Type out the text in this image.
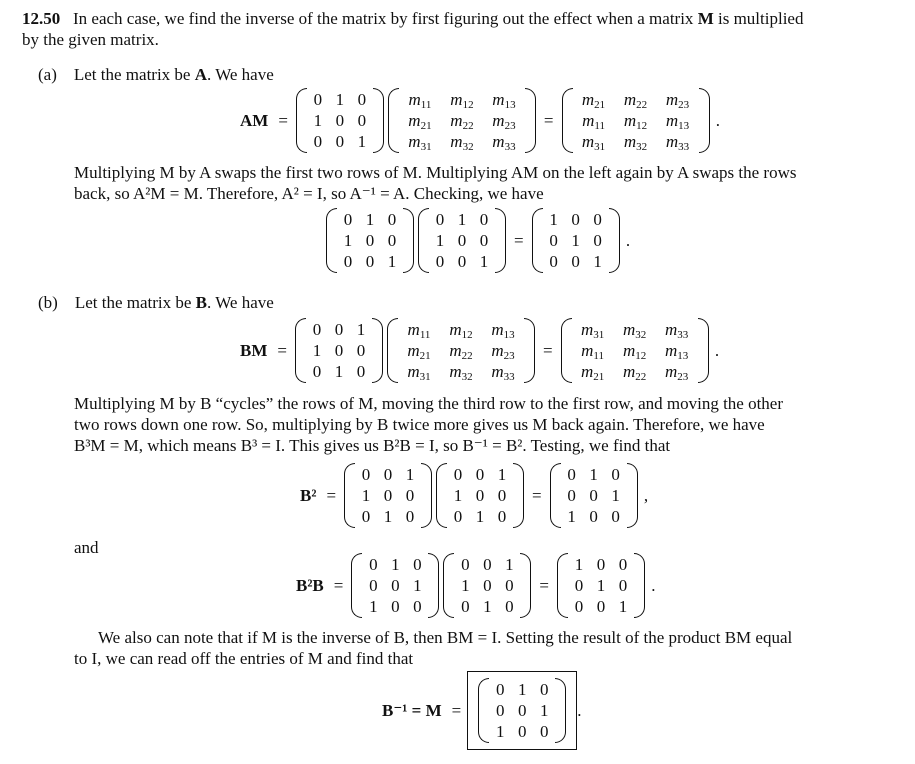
12.50 In each case, we find the inverse of the matrix by first figuring out the effect when a matrix M is multiplied
by the given matrix.
(a) Let the matrix be A. We have
AM =
0 1 0
1 0 0
0 0 1
$m_{11}$	$m_{12}$	$m_{13}$
$m_{21}$	$m_{22}$	$m_{23}$
$m_{31}$	$m_{32}$	$m_{33}$
=
$m_{21}$	$m_{22}$	$m_{23}$
$m_{11}$	$m_{12}$	$m_{13}$
$m_{31}$	$m_{32}$	$m_{33}$
.
Multiplying M by A swaps the first two rows of M. Multiplying AM on the left again by A swaps the rows
back, so A²M = M. Therefore, A² = I, so A⁻¹ = A. Checking, we have
0 1 0
1 0 0
0 0 1
0 1 0
1 0 0
0 0 1
=
1 0 0
0 1 0
0 0 1
.
(b) Let the matrix be B. We have
BM =
0 0 1
1 0 0
0 1 0
$m_{11}$	$m_{12}$	$m_{13}$
$m_{21}$	$m_{22}$	$m_{23}$
$m_{31}$	$m_{32}$	$m_{33}$
=
$m_{31}$	$m_{32}$	$m_{33}$
$m_{11}$	$m_{12}$	$m_{13}$
$m_{21}$	$m_{22}$	$m_{23}$
.
Multiplying M by B “cycles” the rows of M, moving the third row to the first row, and moving the other
two rows down one row. So, multiplying by B twice more gives us M back again. Therefore, we have
B³M = M, which means B³ = I. This gives us B²B = I, so B⁻¹ = B². Testing, we find that
B² =
0 0 1
1 0 0
0 1 0
0 0 1
1 0 0
0 1 0
=
0 1 0
0 0 1
1 0 0
,
and
B²B =
0 1 0
0 0 1
1 0 0
0 0 1
1 0 0
0 1 0
=
1 0 0
0 1 0
0 0 1
.
We also can note that if M is the inverse of B, then BM = I. Setting the result of the product BM equal
to I, we can read off the entries of M and find that
B⁻¹ = M =
0 1 0
0 0 1
1 0 0
.
